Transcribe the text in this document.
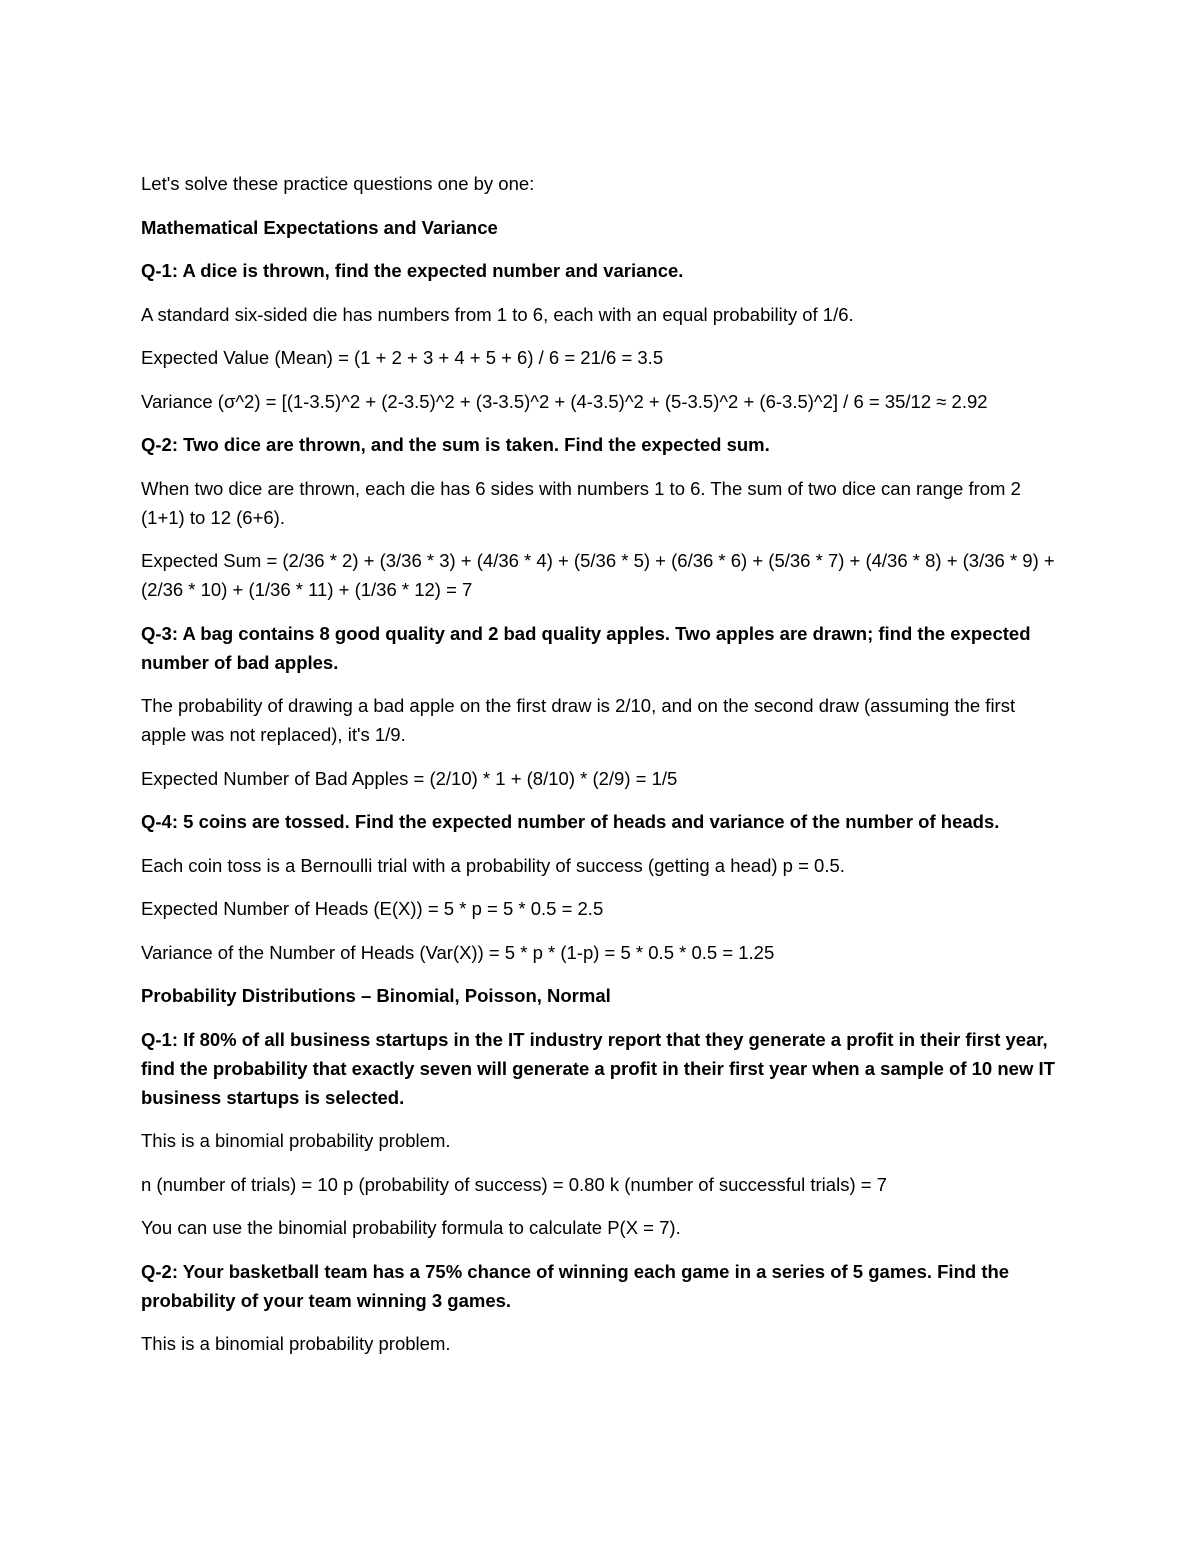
Let's solve these practice questions one by one:

Mathematical Expectations and Variance

Q-1: A dice is thrown, find the expected number and variance.

A standard six-sided die has numbers from 1 to 6, each with an equal probability of 1/6.

Expected Value (Mean) = (1 + 2 + 3 + 4 + 5 + 6) / 6 = 21/6 = 3.5

Variance (σ^2) = [(1-3.5)^2 + (2-3.5)^2 + (3-3.5)^2 + (4-3.5)^2 + (5-3.5)^2 + (6-3.5)^2] / 6 = 35/12 ≈ 2.92

Q-2: Two dice are thrown, and the sum is taken. Find the expected sum.

When two dice are thrown, each die has 6 sides with numbers 1 to 6. The sum of two dice can range from 2 (1+1) to 12 (6+6).

Expected Sum = (2/36 * 2) + (3/36 * 3) + (4/36 * 4) + (5/36 * 5) + (6/36 * 6) + (5/36 * 7) + (4/36 * 8) + (3/36 * 9) + (2/36 * 10) + (1/36 * 11) + (1/36 * 12) = 7

Q-3: A bag contains 8 good quality and 2 bad quality apples. Two apples are drawn; find the expected number of bad apples.

The probability of drawing a bad apple on the first draw is 2/10, and on the second draw (assuming the first apple was not replaced), it's 1/9.

Expected Number of Bad Apples = (2/10) * 1 + (8/10) * (2/9) = 1/5

Q-4: 5 coins are tossed. Find the expected number of heads and variance of the number of heads.

Each coin toss is a Bernoulli trial with a probability of success (getting a head) p = 0.5.

Expected Number of Heads (E(X)) = 5 * p = 5 * 0.5 = 2.5

Variance of the Number of Heads (Var(X)) = 5 * p * (1-p) = 5 * 0.5 * 0.5 = 1.25

Probability Distributions – Binomial, Poisson, Normal

Q-1: If 80% of all business startups in the IT industry report that they generate a profit in their first year, find the probability that exactly seven will generate a profit in their first year when a sample of 10 new IT business startups is selected.

This is a binomial probability problem.

n (number of trials) = 10 p (probability of success) = 0.80 k (number of successful trials) = 7

You can use the binomial probability formula to calculate P(X = 7).

Q-2: Your basketball team has a 75% chance of winning each game in a series of 5 games. Find the probability of your team winning 3 games.

This is a binomial probability problem.
